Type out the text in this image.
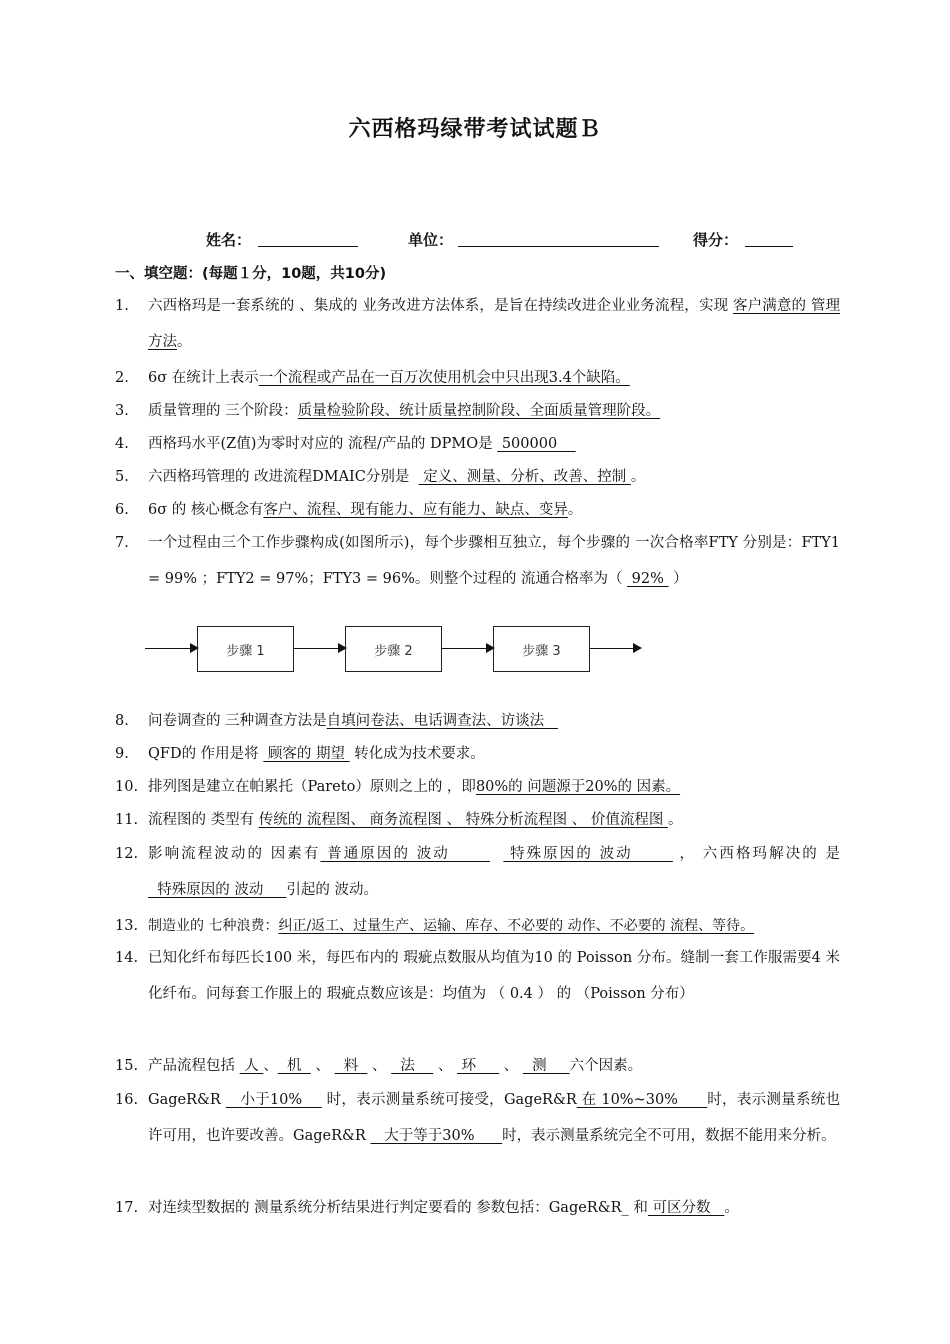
六西格玛绿带考试试题Ｂ
姓名：	单位：	得分：
一、填空题：(每题１分，10题，共10分)
1.	六西格玛是一套系统的 、集成的 业务改进方法体系，是旨在持续改进企业业务流程，实现 客户满意的 管理方法。
2.	6σ 在统计上表示一个流程或产品在一百万次使用机会中只出现3.4个缺陷。
3.	质量管理的 三个阶段：质量检验阶段、统计质量控制阶段、全面质量管理阶段。
4.	西格玛水平(Z值)为零时对应的 流程/产品的 DPMO是  500000
5.	六西格玛管理的 改进流程DMAIC分别是   定义、测量、分析、改善、控制 。
6.	6σ 的 核心概念有客户、流程、现有能力、应有能力、缺点、变异。
7.	一个过程由三个工作步骤构成(如图所示)，每个步骤相互独立，每个步骤的 一次合格率FTY 分别是：FTY1 = 99% ；FTY2 = 97%；FTY3 = 96%。则整个过程的 流通合格率为（  92%  ）
步骤 1	步骤 2	步骤 3
8.	问卷调查的 三种调查方法是自填问卷法、电话调查法、访谈法
9.	QFD的 作用是将  顾客的 期望  转化成为技术要求。
10. 排列图是建立在帕累托（Pareto）原则之上的 ，即80%的 问题源于20%的 因素。
11. 流程图的 类型有 传统的 流程图、 商务流程图 、 特殊分析流程图 、 价值流程图 。
12. 影响流程波动的 因素有 普通原因的 波动         特殊原因的 波动       ， 六西格玛解决的 是   特殊原因的 波动     引起的 波动。
13. 制造业的 七种浪费：纠正/返工、过量生产、运输、库存、不必要的 动作、不必要的 流程、等待。
14. 已知化纤布每匹长100 米，每匹布内的 瑕疵点数服从均值为10 的 Poisson 分布。缝制一套工作服需要4 米化纤布。问每套工作服上的 瑕疵点数应该是：均值为 （ 0.4 ） 的 （Poisson 分布）
15. 产品流程包括  人 、  机   、   料   、   法     、  环      、   测     六个因素。
16. GageR&R    小于10%     时，表示测量系统可接受，GageR&R 在 10%~30%      时，表示测量系统也许可用，也许要改善。GageR&R    大于等于30%      时，表示测量系统完全不可用，数据不能用来分析。
17. 对连续型数据的 测量系统分析结果进行判定要看的 参数包括：GageR&R_ 和 可区分数   。
